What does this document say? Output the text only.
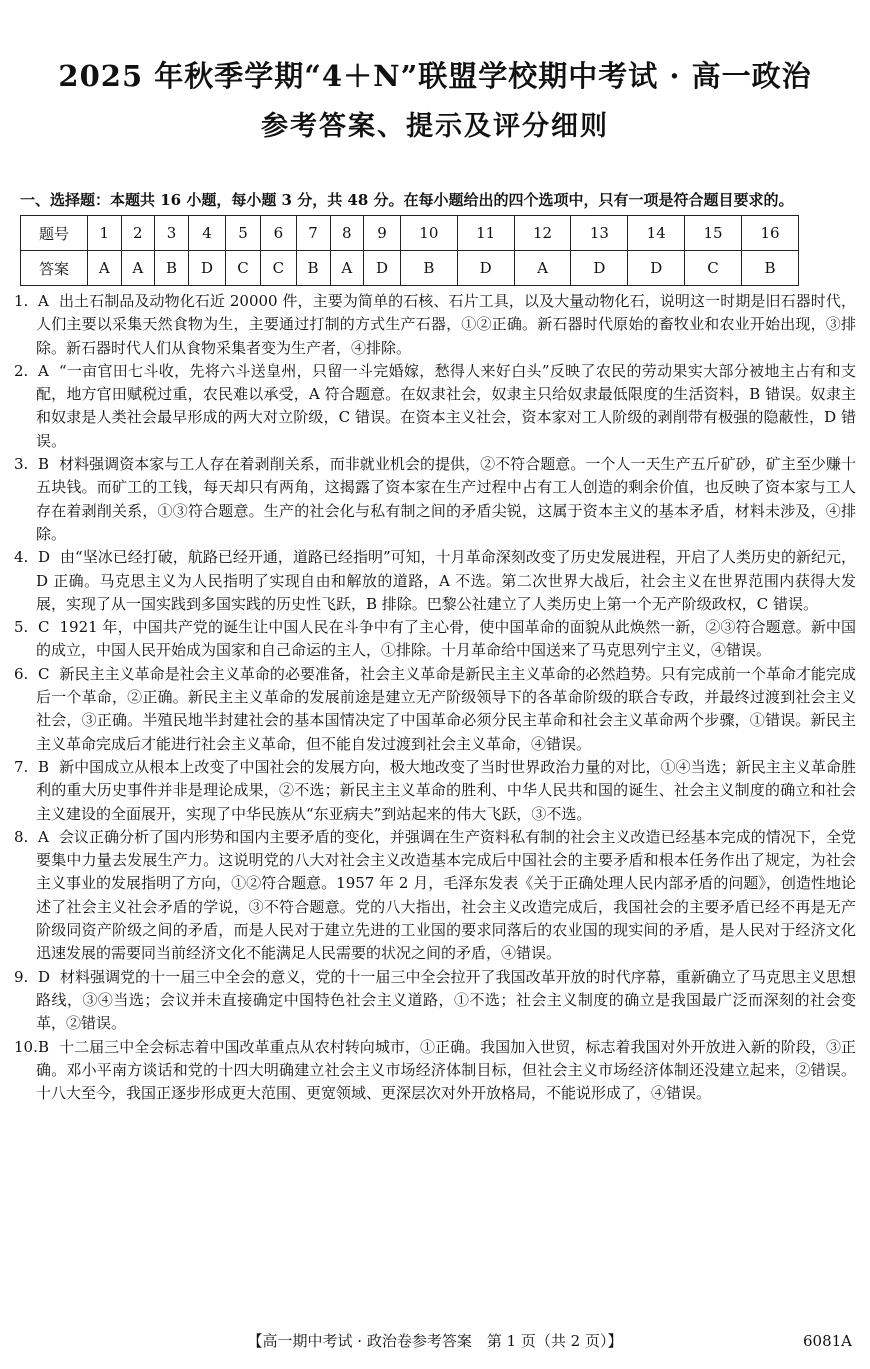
2025 年秋季学期“4＋N”联盟学校期中考试 · 高一政治
参考答案、提示及评分细则
一、选择题：本题共 16 小题，每小题 3 分，共 48 分。在每小题给出的四个选项中，只有一项是符合题目要求的。
题号	1	2	3	4	5	6	7	8	9	10	11	12	13	14	15	16
答案	A	A	B	D	C	C	B	A	D	B	D	A	D	D	C	B

1. A 出土石制品及动物化石近 20000 件，主要为简单的石核、石片工具，以及大量动物化石，说明这一时期是旧石器时代，人们主要以采集天然食物为生，主要通过打制的方式生产石器，①②正确。新石器时代原始的畜牧业和农业开始出现，③排除。新石器时代人们从食物采集者变为生产者，④排除。

2. A “一亩官田七斗收，先将六斗送皇州，只留一斗完婚嫁，愁得人来好白头”反映了农民的劳动果实大部分被地主占有和支配，地方官田赋税过重，农民难以承受，A 符合题意。在奴隶社会，奴隶主只给奴隶最低限度的生活资料，B 错误。奴隶主和奴隶是人类社会最早形成的两大对立阶级，C 错误。在资本主义社会，资本家对工人阶级的剥削带有极强的隐蔽性，D 错误。

3. B 材料强调资本家与工人存在着剥削关系，而非就业机会的提供，②不符合题意。一个人一天生产五斤矿砂，矿主至少赚十五块钱。而矿工的工钱，每天却只有两角，这揭露了资本家在生产过程中占有工人创造的剩余价值，也反映了资本家与工人存在着剥削关系，①③符合题意。生产的社会化与私有制之间的矛盾尖锐，这属于资本主义的基本矛盾，材料未涉及，④排除。

4. D 由“坚冰已经打破，航路已经开通，道路已经指明”可知，十月革命深刻改变了历史发展进程，开启了人类历史的新纪元，D 正确。马克思主义为人民指明了实现自由和解放的道路，A 不选。第二次世界大战后，社会主义在世界范围内获得大发展，实现了从一国实践到多国实践的历史性飞跃，B 排除。巴黎公社建立了人类历史上第一个无产阶级政权，C 错误。

5. C 1921 年，中国共产党的诞生让中国人民在斗争中有了主心骨，使中国革命的面貌从此焕然一新，②③符合题意。新中国的成立，中国人民开始成为国家和自己命运的主人，①排除。十月革命给中国送来了马克思列宁主义，④错误。

6. C 新民主主义革命是社会主义革命的必要准备，社会主义革命是新民主主义革命的必然趋势。只有完成前一个革命才能完成后一个革命，②正确。新民主主义革命的发展前途是建立无产阶级领导下的各革命阶级的联合专政，并最终过渡到社会主义社会，③正确。半殖民地半封建社会的基本国情决定了中国革命必须分民主革命和社会主义革命两个步骤，①错误。新民主主义革命完成后才能进行社会主义革命，但不能自发过渡到社会主义革命，④错误。

7. B 新中国成立从根本上改变了中国社会的发展方向，极大地改变了当时世界政治力量的对比，①④当选；新民主主义革命胜利的重大历史事件并非是理论成果，②不选；新民主主义革命的胜利、中华人民共和国的诞生、社会主义制度的确立和社会主义建设的全面展开，实现了中华民族从“东亚病夫”到站起来的伟大飞跃，③不选。

8. A 会议正确分析了国内形势和国内主要矛盾的变化，并强调在生产资料私有制的社会主义改造已经基本完成的情况下，全党要集中力量去发展生产力。这说明党的八大对社会主义改造基本完成后中国社会的主要矛盾和根本任务作出了规定，为社会主义事业的发展指明了方向，①②符合题意。1957 年 2 月，毛泽东发表《关于正确处理人民内部矛盾的问题》，创造性地论述了社会主义社会矛盾的学说，③不符合题意。党的八大指出，社会主义改造完成后，我国社会的主要矛盾已经不再是无产阶级同资产阶级之间的矛盾，而是人民对于建立先进的工业国的要求同落后的农业国的现实间的矛盾，是人民对于经济文化迅速发展的需要同当前经济文化不能满足人民需要的状况之间的矛盾，④错误。

9. D 材料强调党的十一届三中全会的意义，党的十一届三中全会拉开了我国改革开放的时代序幕，重新确立了马克思主义思想路线，③④当选；会议并未直接确定中国特色社会主义道路，①不选；社会主义制度的确立是我国最广泛而深刻的社会变革，②错误。

10.B 十二届三中全会标志着中国改革重点从农村转向城市，①正确。我国加入世贸，标志着我国对外开放进入新的阶段，③正确。邓小平南方谈话和党的十四大明确建立社会主义市场经济体制目标，但社会主义市场经济体制还没建立起来，②错误。十八大至今，我国正逐步形成更大范围、更宽领域、更深层次对外开放格局，不能说形成了，④错误。

【高一期中考试 · 政治卷参考答案　第 1 页（共 2 页）】	6081A
